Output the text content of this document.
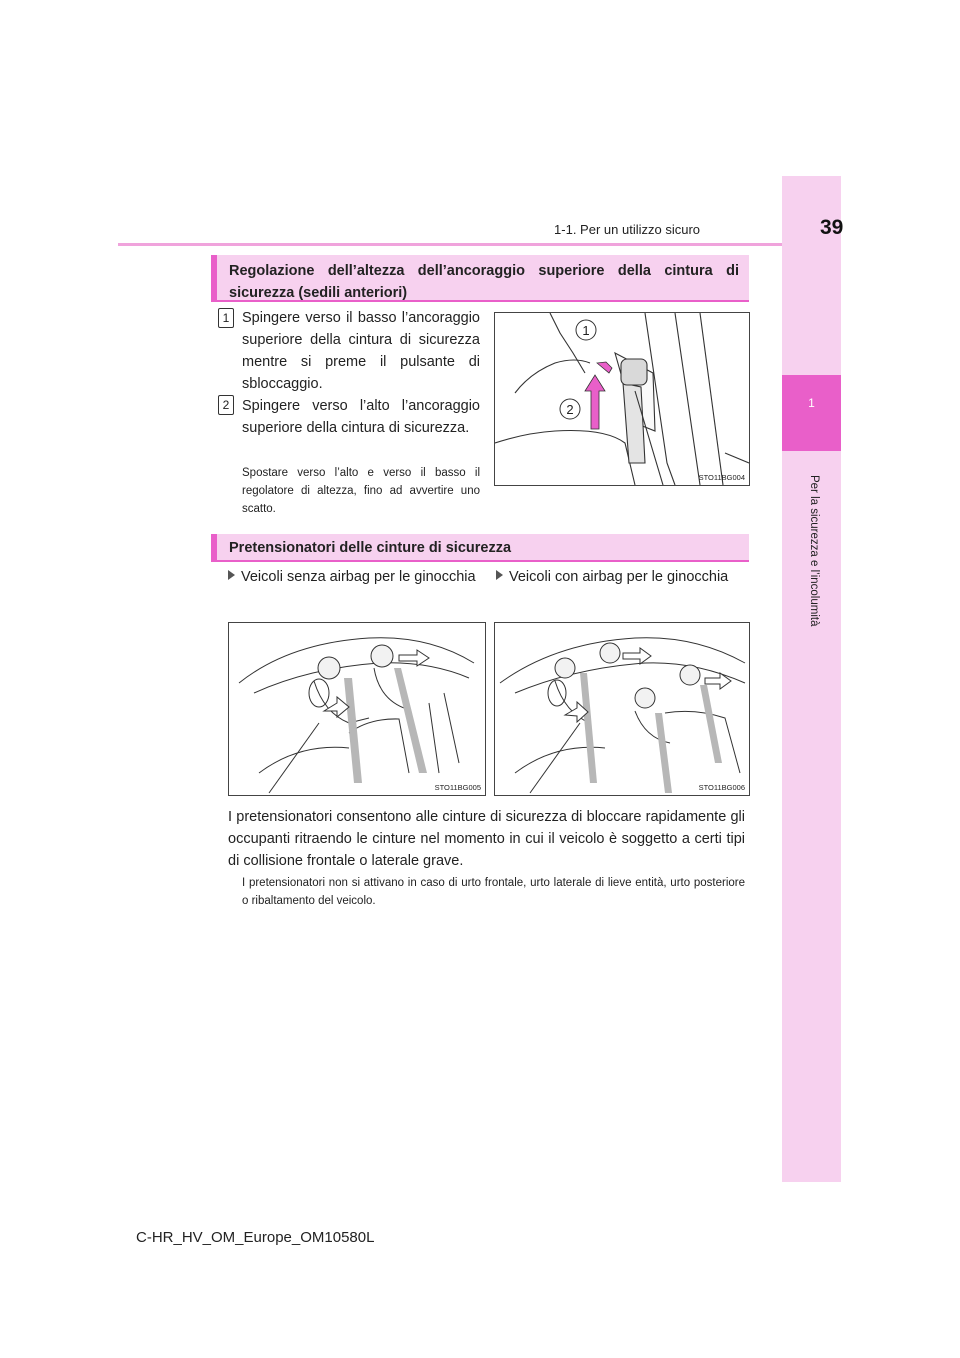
1
Per la sicurezza e l’incolumità
1-1. Per un utilizzo sicuro	39
Regolazione dell’altezza dell’ancoraggio superiore della cintura di sicurezza (sedili anteriori)
1 Spingere verso il basso l’ancoraggio superiore della cintura di sicurezza mentre si preme il pulsante di sbloccaggio.
2 Spingere verso l’alto l’ancoraggio superiore della cintura di sicurezza.
Spostare verso l’alto e verso il basso il regolatore di altezza, fino ad avvertire uno scatto.
1
2
STO11BG004
Pretensionatori delle cinture di sicurezza
Veicoli senza airbag per le ginocchia	Veicoli con airbag per le ginocchia
STO11BG005	STO11BG006
I pretensionatori consentono alle cinture di sicurezza di bloccare rapidamente gli occupanti ritraendo le cinture nel momento in cui il veicolo è soggetto a certi tipi di collisione frontale o laterale grave.
I pretensionatori non si attivano in caso di urto frontale, urto laterale di lieve entità, urto posteriore o ribaltamento del veicolo.
C-HR_HV_OM_Europe_OM10580L
